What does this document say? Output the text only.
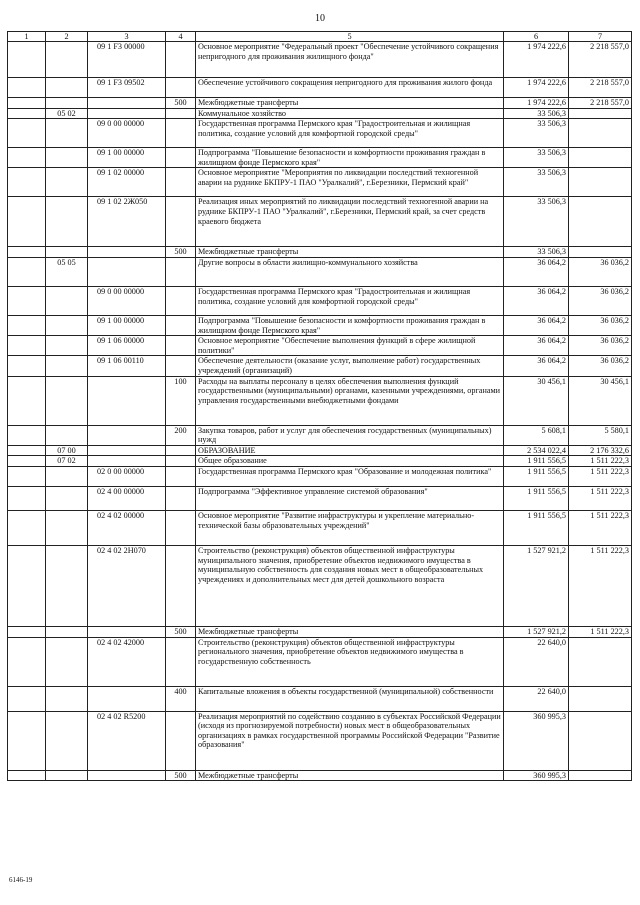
10
1	2	3	4	5	6	7
		09 1 F3 00000		Основное мероприятие "Федеральный проект "Обеспечение устойчивого сокращения непригодного для проживания жилищного фонда"	1 974 222,6	2 218 557,0
		09 1 F3 09502		Обеспечение устойчивого сокращения непригодного для проживания жилого фонда	1 974 222,6	2 218 557,0
			500	Межбюджетные трансферты	1 974 222,6	2 218 557,0
	05 02			Коммунальное хозяйство	33 506,3	
		09 0 00 00000		Государственная программа Пермского края "Градостроительная и жилищная политика, создание условий для комфортной городской среды"	33 506,3	
		09 1 00 00000		Подпрограмма "Повышение безопасности и комфортности проживания граждан в жилищном фонде Пермского края"	33 506,3	
		09 1 02 00000		Основное мероприятие "Мероприятия по ликвидации последствий техногенной аварии на руднике БКПРУ-1 ПАО "Уралкалий", г.Березники, Пермский край"	33 506,3	
		09 1 02 2Ж050		Реализация иных мероприятий по ликвидации последствий техногенной аварии на руднике БКПРУ-1 ПАО "Уралкалий", г.Березники, Пермский край, за счет средств краевого бюджета	33 506,3	
			500	Межбюджетные трансферты	33 506,3	
	05 05			Другие вопросы в области жилищно-коммунального хозяйства	36 064,2	36 036,2
		09 0 00 00000		Государственная программа Пермского края "Градостроительная и жилищная политика, создание условий для комфортной городской среды"	36 064,2	36 036,2
		09 1 00 00000		Подпрограмма "Повышение безопасности и комфортности проживания граждан в жилищном фонде Пермского края"	36 064,2	36 036,2
		09 1 06 00000		Основное мероприятие "Обеспечение выполнения функций в сфере жилищной политики"	36 064,2	36 036,2
		09 1 06 00110		Обеспечение деятельности (оказание услуг, выполнение работ) государственных учреждений (организаций)	36 064,2	36 036,2
			100	Расходы на выплаты персоналу в целях обеспечения выполнения функций государственными (муниципальными) органами, казенными учреждениями, органами управления государственными внебюджетными фондами	30 456,1	30 456,1
			200	Закупка товаров, работ и услуг для обеспечения государственных (муниципальных) нужд	5 608,1	5 580,1
	07 00			ОБРАЗОВАНИЕ	2 534 022,4	2 176 332,6
	07 02			Общее образование	1 911 556,5	1 511 222,3
		02 0 00 00000		Государственная программа Пермского края "Образование и молодежная политика"	1 911 556,5	1 511 222,3
		02 4 00 00000		Подпрограмма "Эффективное управление системой образования"	1 911 556,5	1 511 222,3
		02 4 02 00000		Основное мероприятие "Развитие инфраструктуры и укрепление материально-технической базы образовательных учреждений"	1 911 556,5	1 511 222,3
		02 4 02 2Н070		Строительство (реконструкция) объектов общественной инфраструктуры муниципального значения, приобретение объектов недвижимого имущества в муниципальную собственность для создания новых мест в общеобразовательных учреждениях и дополнительных мест для детей дошкольного возраста	1 527 921,2	1 511 222,3
			500	Межбюджетные трансферты	1 527 921,2	1 511 222,3
		02 4 02 42000		Строительство (реконструкция) объектов общественной инфраструктуры регионального значения, приобретение объектов недвижимого имущества в государственную собственность	22 640,0	
			400	Капитальные вложения в объекты государственной (муниципальной) собственности	22 640,0	
		02 4 02 R5200		Реализация мероприятий по содействию созданию в субъектах Российской Федерации (исходя из прогнозируемой потребности) новых мест в общеобразовательных организациях в рамках государственной программы Российской Федерации "Развитие образования"	360 995,3	
			500	Межбюджетные трансферты	360 995,3	
6146-19
